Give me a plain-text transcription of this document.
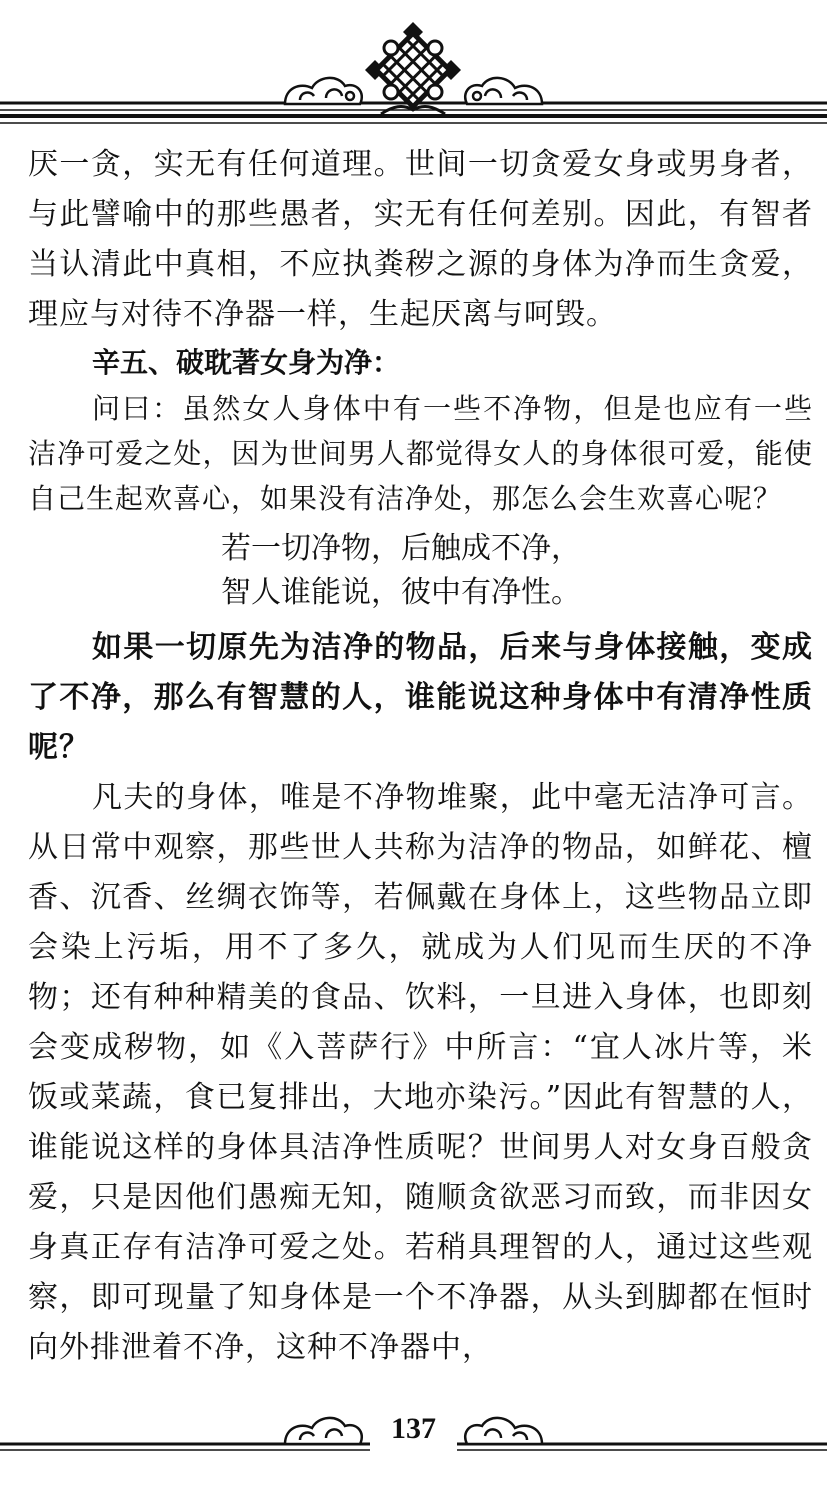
厌一贪，实无有任何道理。世间一切贪爱女身或男身者，与此譬喻中的那些愚者，实无有任何差别。因此，有智者当认清此中真相，不应执粪秽之源的身体为净而生贪爱，理应与对待不净器一样，生起厌离与呵毁。

辛五、破耽著女身为净：

问曰：虽然女人身体中有一些不净物，但是也应有一些洁净可爱之处，因为世间男人都觉得女人的身体很可爱，能使自己生起欢喜心，如果没有洁净处，那怎么会生欢喜心呢？

若一切净物，后触成不净，

智人谁能说，彼中有净性。

如果一切原先为洁净的物品，后来与身体接触，变成了不净，那么有智慧的人，谁能说这种身体中有清净性质呢？

凡夫的身体，唯是不净物堆聚，此中毫无洁净可言。从日常中观察，那些世人共称为洁净的物品，如鲜花、檀香、沉香、丝绸衣饰等，若佩戴在身体上，这些物品立即会染上污垢，用不了多久，就成为人们见而生厌的不净物；还有种种精美的食品、饮料，一旦进入身体，也即刻会变成秽物，如《入菩萨行》中所言：“宜人冰片等，米饭或菜蔬，食已复排出，大地亦染污。”因此有智慧的人，谁能说这样的身体具洁净性质呢？世间男人对女身百般贪爱，只是因他们愚痴无知，随顺贪欲恶习而致，而非因女身真正存有洁净可爱之处。若稍具理智的人，通过这些观察，即可现量了知身体是一个不净器，从头到脚都在恒时向外排泄着不净，这种不净器中，

137
